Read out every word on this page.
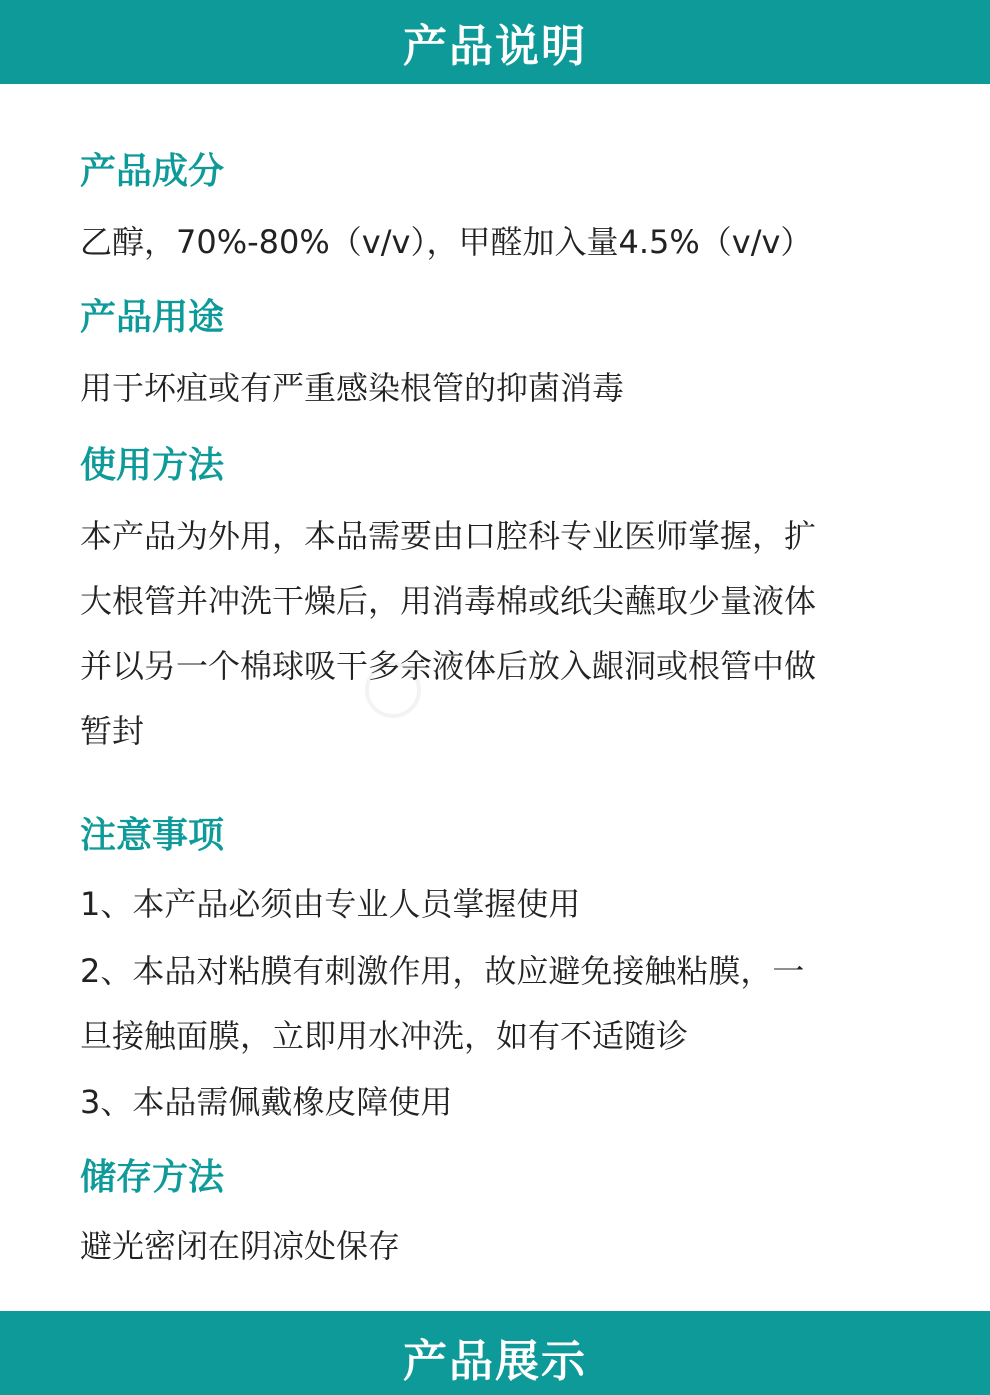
产品说明
产品成分
乙醇，70%-80%（v/v），甲醛加入量4.5%（v/v）
产品用途
用于坏疽或有严重感染根管的抑菌消毒
使用方法
本产品为外用，本品需要由口腔科专业医师掌握，扩
大根管并冲洗干燥后，用消毒棉或纸尖蘸取少量液体
并以另一个棉球吸干多余液体后放入龈洞或根管中做
暂封
注意事项
1、本产品必须由专业人员掌握使用
2、本品对粘膜有刺激作用，故应避免接触粘膜，一
旦接触面膜，立即用水冲洗，如有不适随诊
3、本品需佩戴橡皮障使用
储存方法
避光密闭在阴凉处保存
产品展示
